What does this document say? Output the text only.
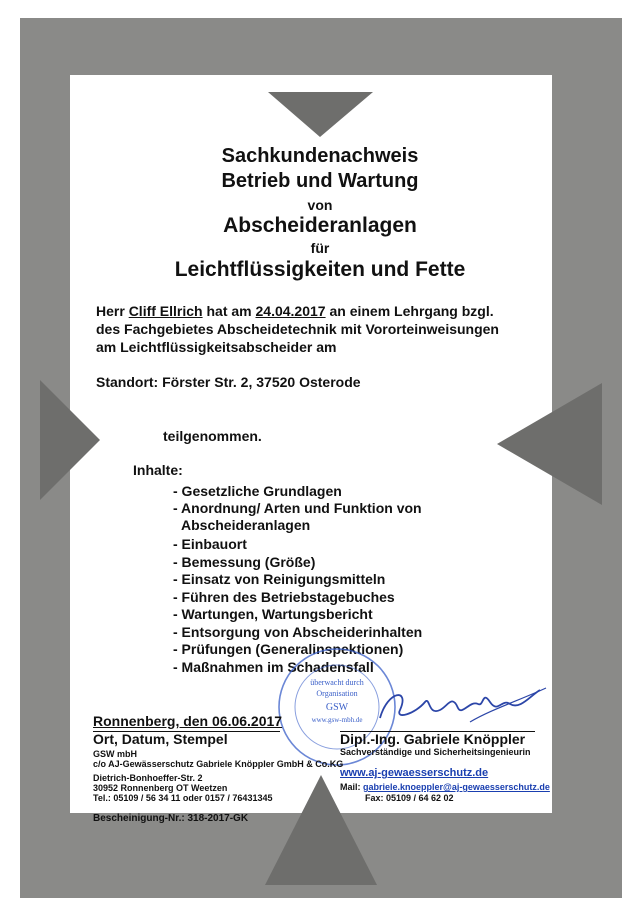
Sachkundenachweis
Betrieb und Wartung
von
Abscheideranlagen
für
Leichtflüssigkeiten und Fette
Herr Cliff Ellrich hat am 24.04.2017 an einem Lehrgang bzgl.
des Fachgebietes Abscheidetechnik mit Vororteinweisungen
am Leichtflüssigkeitsabscheider am
Standort: Förster Str. 2, 37520 Osterode
teilgenommen.
Inhalte:
- Gesetzliche Grundlagen
- Anordnung/ Arten und Funktion von
Abscheideranlagen
- Einbauort
- Bemessung (Größe)
- Einsatz von Reinigungsmitteln
- Führen des Betriebstagebuches
- Wartungen, Wartungsbericht
- Entsorgung von Abscheiderinhalten
- Prüfungen (Generalinspektionen)
- Maßnahmen im Schadensfall
überwacht durch
Organisation
GSW
www.gsw-mbh.de
Ronnenberg, den 06.06.2017
Ort, Datum, Stempel	Dipl.-Ing. Gabriele Knöppler
Sachverständige und Sicherheitsingenieurin
GSW mbH
c/o AJ-Gewässerschutz Gabriele Knöppler GmbH & Co.KG
Dietrich-Bonhoeffer-Str. 2
30952 Ronnenberg OT Weetzen
Tel.: 05109 / 56 34 11 oder 0157 / 76431345
www.aj-gewaesserschutz.de
Mail: gabriele.knoeppler@aj-gewaesserschutz.de
Fax: 05109 / 64 62 02
Bescheinigung-Nr.: 318-2017-GK
